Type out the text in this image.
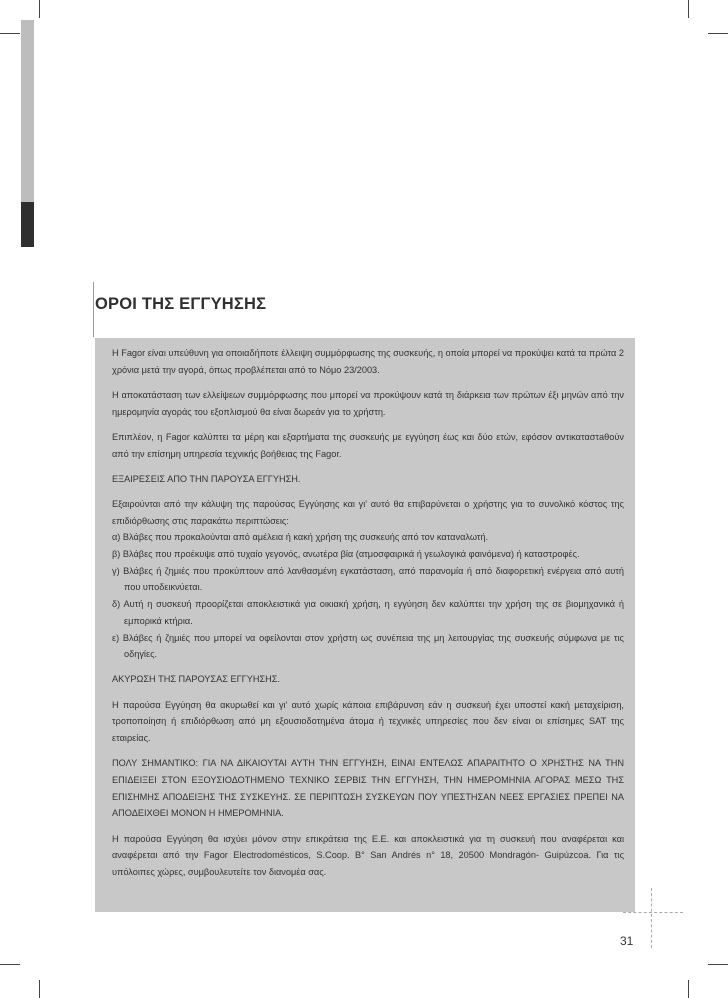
ΟΡΟΙ ΤΗΣ ΕΓΓΥΗΣΗΣ

Η Fagor είναι υπεύθυνη για οποιαδήποτε έλλειψη συμμόρφωσης της συσκευής, η οποία μπορεί να προκύψει κατά τα πρώτα 2 χρόνια μετά την αγορά, όπως προβλέπεται από το Νόμο 23/2003.

Η αποκατάσταση των ελλείψεων συμμόρφωσης που μπορεί να προκύψουν κατά τη διάρκεια των πρώτων έξι μηνών από την ημερομηνία αγοράς του εξοπλισμού θα είναι δωρεάν για το χρήστη.

Επιπλέον, η Fagor καλύπτει τα μέρη και εξαρτήματα της συσκευής με εγγύηση έως και δύο ετών, εφόσον αντικαταστaθούν από την επίσημη υπηρεσία τεχνικής βοήθειας της Fagor.

ΕΞΑΙΡΕΣΕΙΣ ΑΠΟ ΤΗΝ ΠΑΡΟΥΣΑ ΕΓΓΥΗΣΗ.

Εξαιρούνται από την κάλυψη της παρούσας Εγγύησης και γι' αυτό θα επιβαρύνεται ο χρήστης για το συνολικό κόστος της επιδιόρθωσης στις παρακάτω περιπτώσεις:

α) Βλάβες που προκαλούνται από αμέλεια ή κακή χρήση της συσκευής από τον καταναλωτή.

β) Βλάβες που προέκυψε από τυχαίο γεγονός, ανωτέρα βία (ατμοσφαιρικά ή γεωλογικά φαινόμενα) ή καταστροφές.

γ) Βλάβες ή ζημιές που προκύπτουν από λανθασμένη εγκατάσταση, από παρανομία ή από διαφορετική ενέργεια από αυτή που υποδεικνύεται.

δ) Αυτή η συσκευή προορίζεται αποκλειστικά για οικιακή χρήση, η εγγύηση δεν καλύπτει την χρήση της σε βιομηχανικά ή εμπορικά κτήρια.

ε) Βλάβες ή ζημιές που μπορεί να οφείλονται στον χρήστη ως συνέπεια της μη λειτουργίας της συσκευής σύμφωνα με τις οδηγίες.

ΑΚΥΡΩΣΗ ΤΗΣ ΠΑΡΟΥΣΑΣ ΕΓΓΥΗΣΗΣ.

Η παρούσα Εγγύηση θα ακυρωθεί και γι' αυτό χωρίς κάποια επιβάρυνση εάν η συσκευή έχει υποστεί κακή μεταχείριση, τροποποίηση ή επιδιόρθωση από μη εξουσιοδοτημένα άτομα ή τεχνικές υπηρεσίες που δεν είναι οι επίσημες SAT της εταιρείας.

ΠΟΛΥ ΣΗΜΑΝΤΙΚΟ: ΓΙΑ ΝΑ ΔΙΚΑΙΟΥΤΑΙ ΑΥΤΗ ΤΗΝ ΕΓΓΥΗΣΗ, ΕΙΝΑΙ ΕΝΤΕΛΩΣ ΑΠΑΡΑΙΤΗΤΟ Ο ΧΡΗΣΤΗΣ ΝΑ ΤΗΝ ΕΠΙΔΕΙΞΕΙ ΣΤΟΝ ΕΞΟΥΣΙΟΔΟΤΗΜΕΝΟ ΤΕΧΝΙΚΟ ΣΕΡΒΙΣ ΤΗΝ ΕΓΓΥΗΣΗ, ΤΗΝ ΗΜΕΡΟΜΗΝΙΑ ΑΓΟΡΑΣ ΜΕΣΩ ΤΗΣ ΕΠΙΣΗΜΗΣ ΑΠΟΔΕΙΞΗΣ ΤΗΣ ΣΥΣΚΕΥΗΣ. ΣΕ ΠΕΡΙΠΤΩΣΗ ΣΥΣΚΕΥΩΝ ΠΟΥ ΥΠΕΣΤΗΣΑΝ ΝΕΕΣ ΕΡΓΑΣΙΕΣ ΠΡΕΠΕΙ ΝΑ ΑΠΟΔΕΙΧΘΕΙ ΜΟΝΟΝ Η ΗΜΕΡΟΜΗΝΙΑ.

Η παρούσα Εγγύηση θα ισχύει μόνον στην επικράτεια της Ε.Ε. και αποκλειστικά για τη συσκευή που αναφέρεται και αναφέρεται από την Fagor Electrodomésticos, S.Coop. B° San Andrés n° 18, 20500 Mondragón- Guipúzcoa. Για τις υπόλοιπες χώρες, συμβουλευτείτε τον διανομέα σας.

31
